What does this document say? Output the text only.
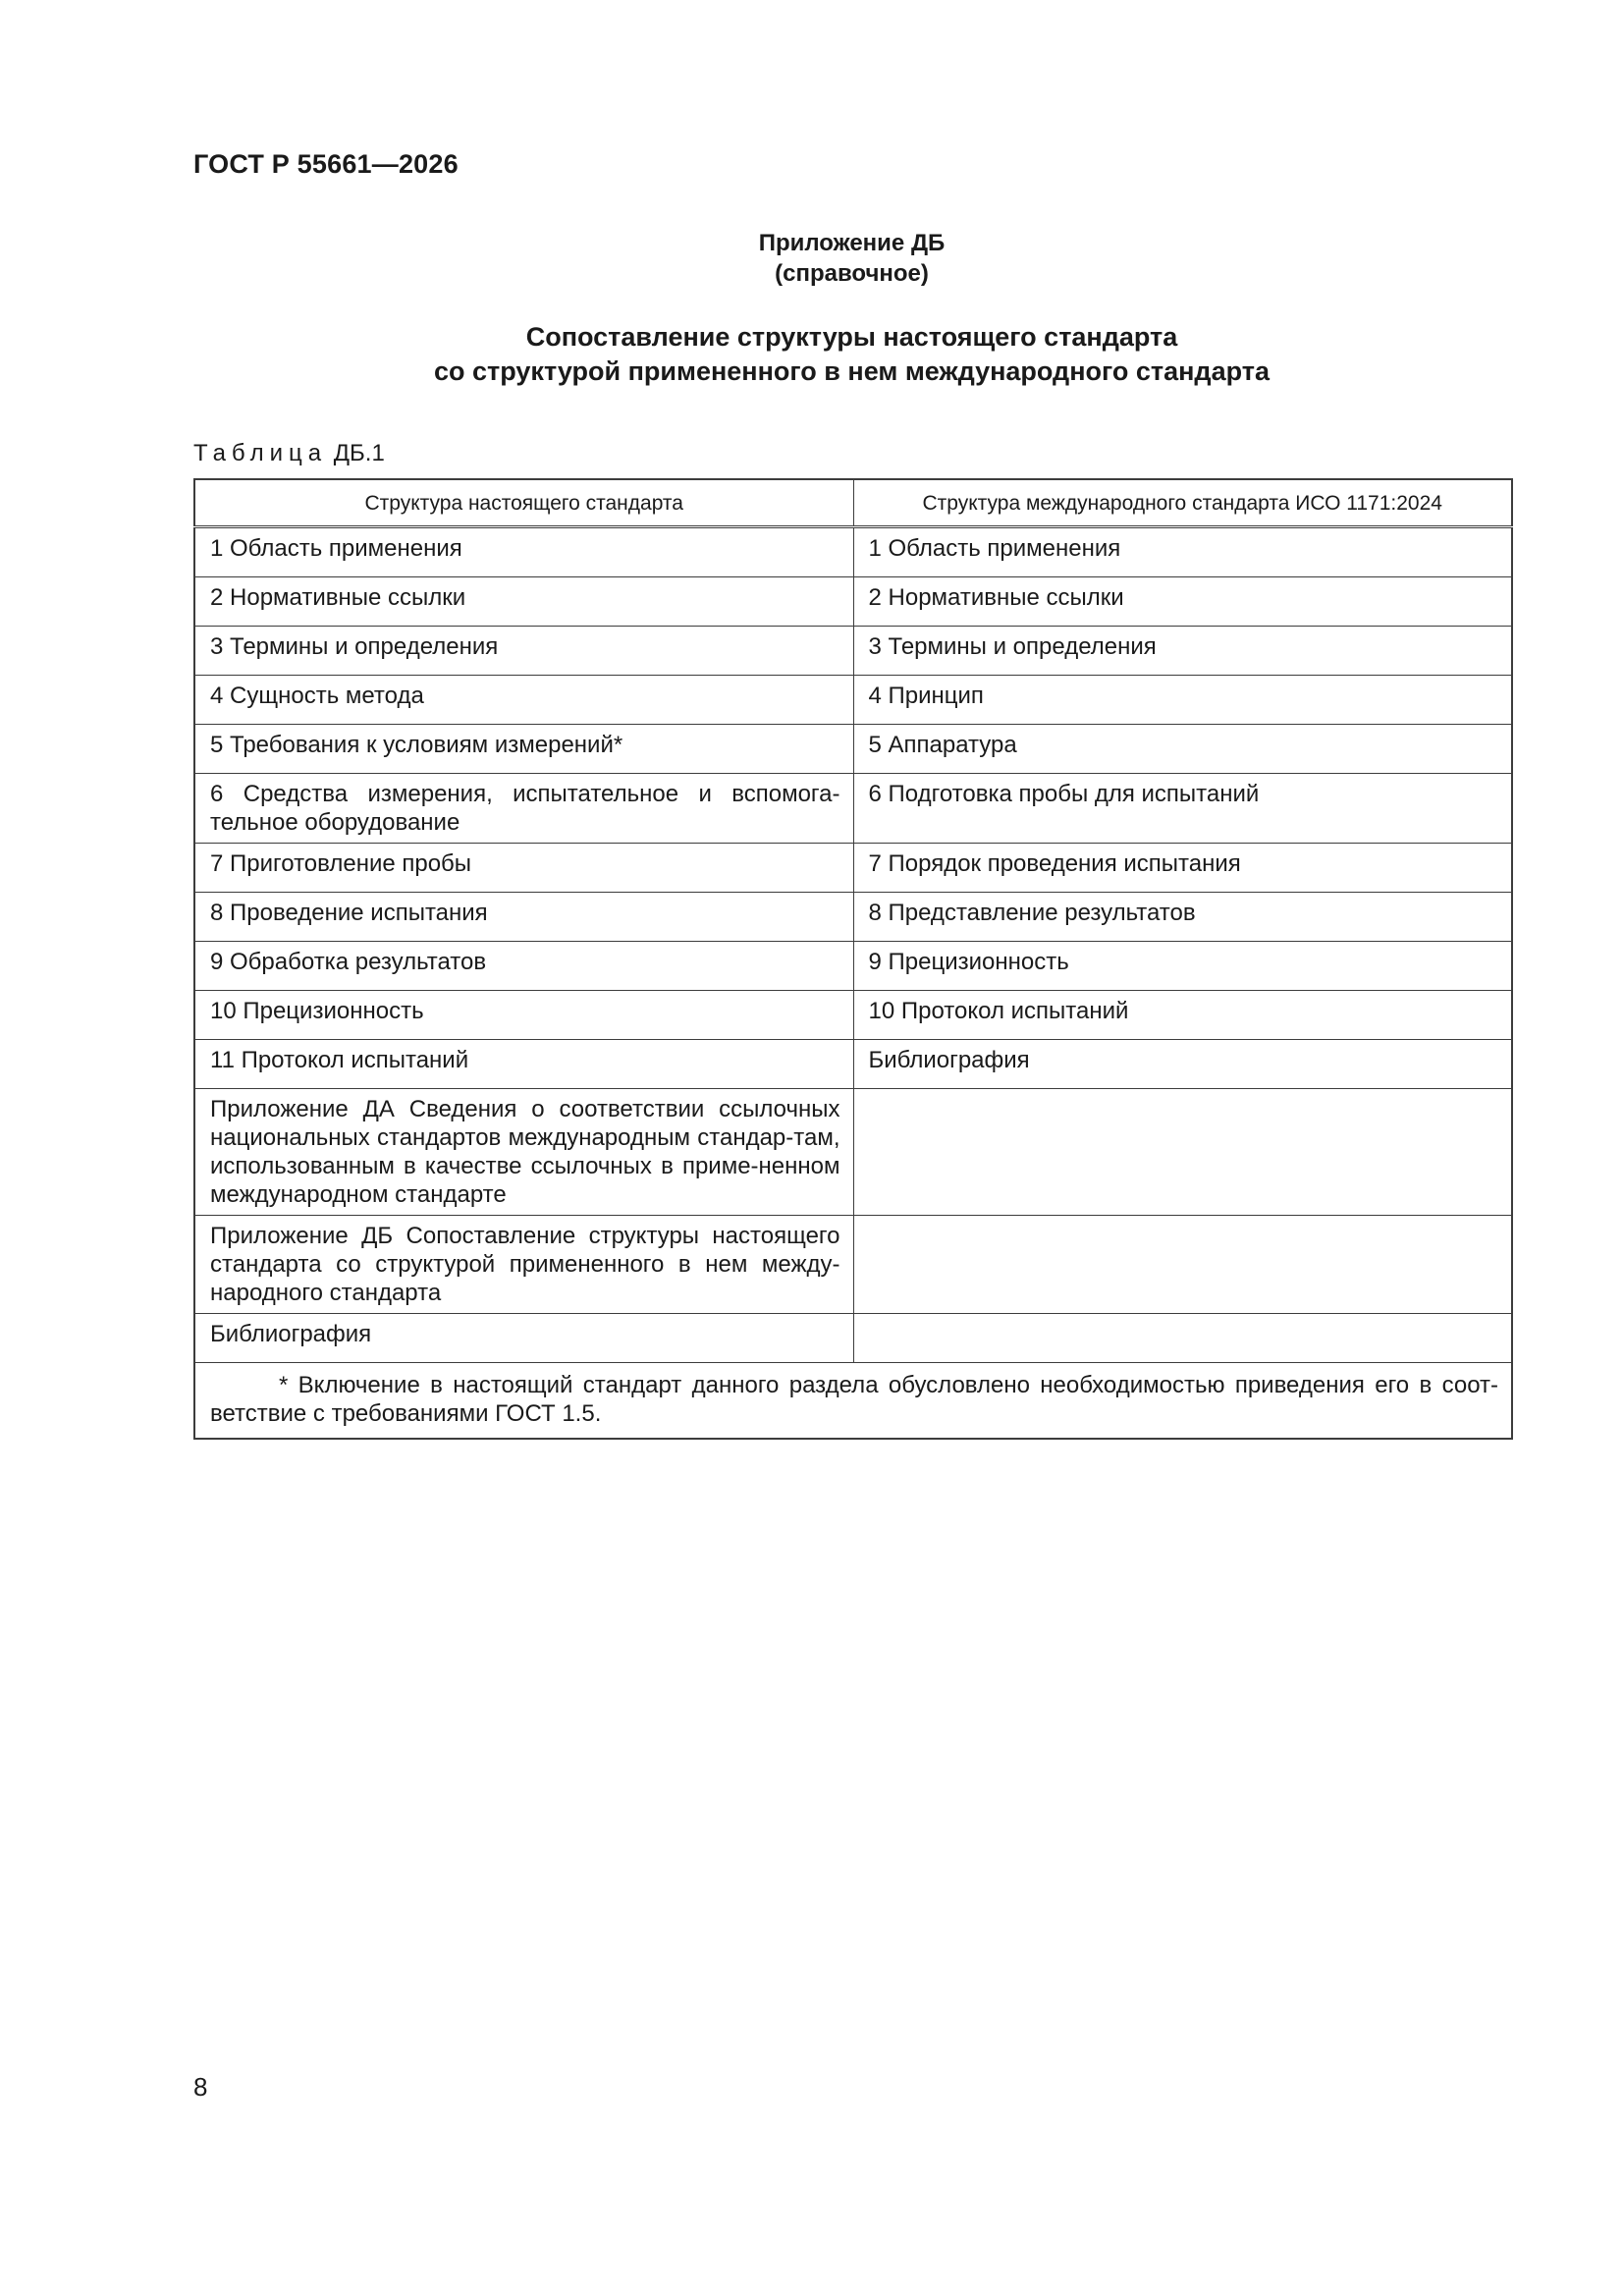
ГОСТ Р 55661—2026
Приложение ДБ
(справочное)
Сопоставление структуры настоящего стандарта
со структурой примененного в нем международного стандарта
Таблица ДБ.1
Структура настоящего стандарта	Структура международного стандарта ИСО 1171:2024
1 Область применения	1 Область применения
2 Нормативные ссылки	2 Нормативные ссылки
3 Термины и определения	3 Термины и определения
4 Сущность метода	4 Принцип
5 Требования к условиям измерений*	5 Аппаратура
6 Средства измерения, испытательное и вспомога-тельное оборудование	6 Подготовка пробы для испытаний
7 Приготовление пробы	7 Порядок проведения испытания
8 Проведение испытания	8 Представление результатов
9 Обработка результатов	9 Прецизионность
10 Прецизионность	10 Протокол испытаний
11 Протокол испытаний	Библиография
Приложение ДА Сведения о соответствии ссылочных национальных стандартов международным стандар-там, использованным в качестве ссылочных в приме-ненном международном стандарте	
Приложение ДБ Сопоставление структуры настоящего стандарта со структурой примененного в нем между-народного стандарта	
Библиография	

* Включение в настоящий стандарт данного раздела обусловлено необходимостью приведения его в соот-ветствие с требованиями ГОСТ 1.5.	
8
